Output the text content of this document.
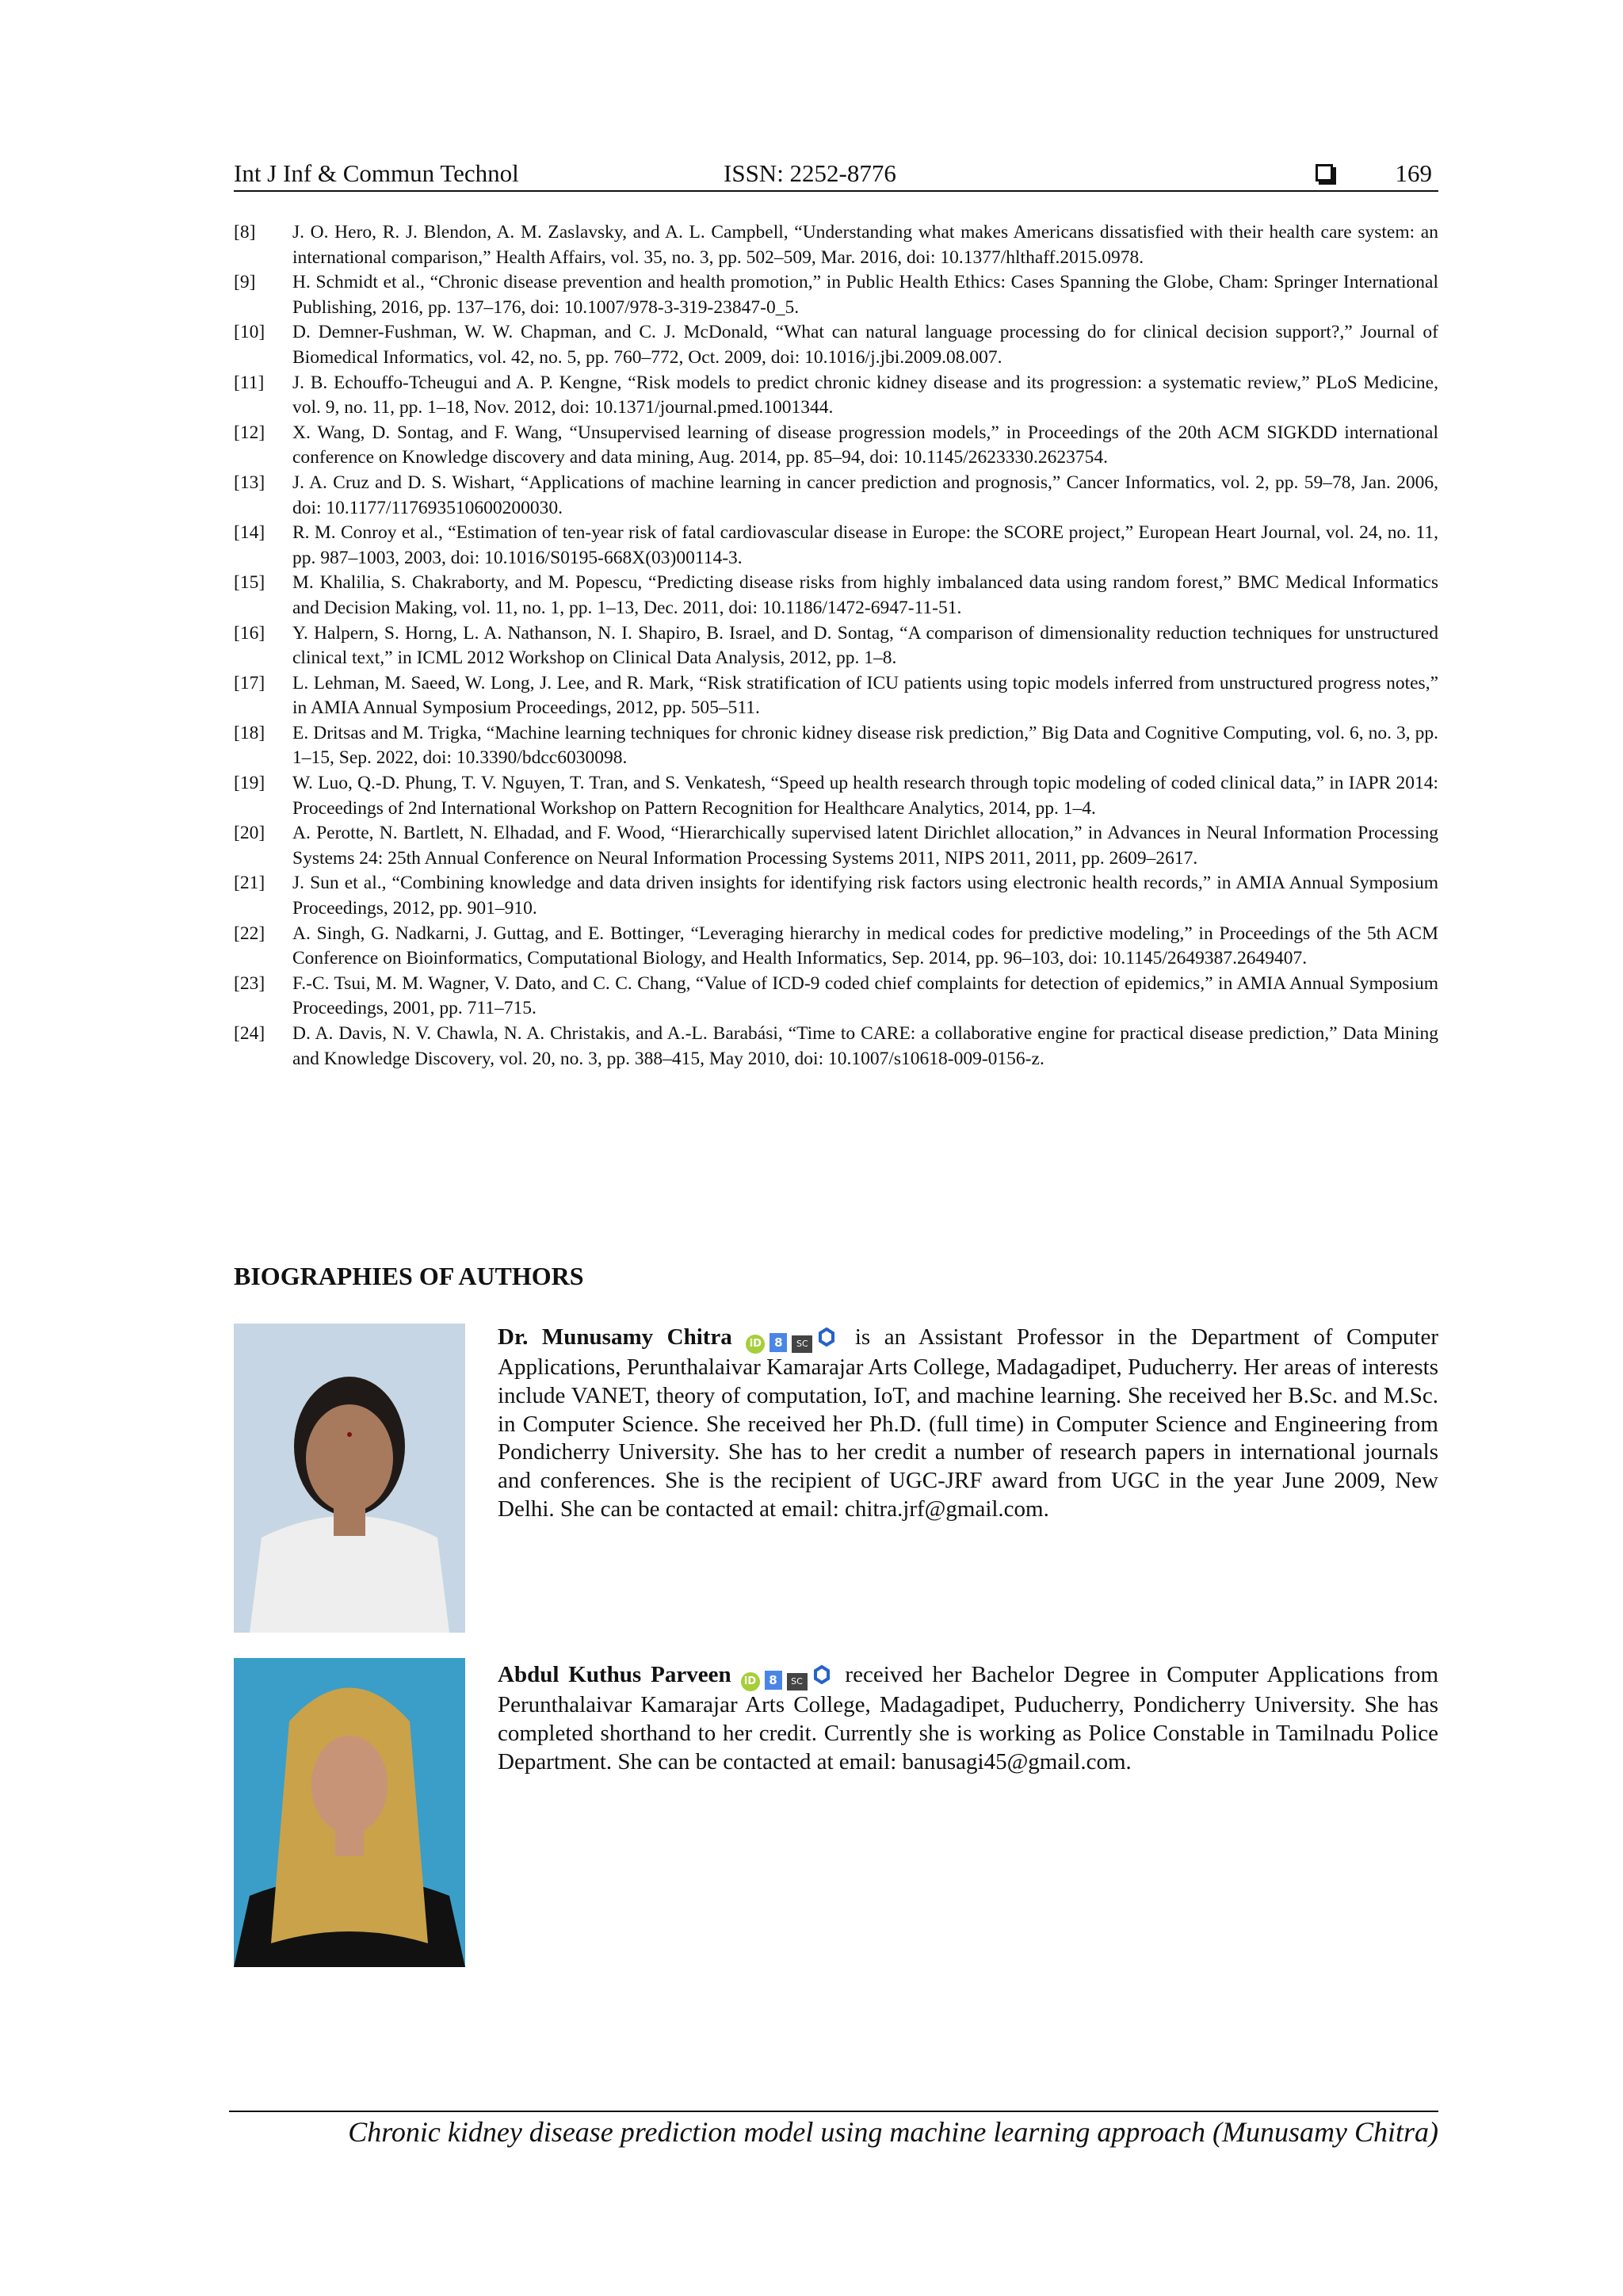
Int J Inf & Commun Technol	ISSN: 2252-8776	169
[8]	J. O. Hero, R. J. Blendon, A. M. Zaslavsky, and A. L. Campbell, “Understanding what makes Americans dissatisfied with their health care system: an international comparison,” Health Affairs, vol. 35, no. 3, pp. 502–509, Mar. 2016, doi: 10.1377/hlthaff.2015.0978.
[9]	H. Schmidt et al., “Chronic disease prevention and health promotion,” in Public Health Ethics: Cases Spanning the Globe, Cham: Springer International Publishing, 2016, pp. 137–176, doi: 10.1007/978-3-319-23847-0_5.
[10]	D. Demner-Fushman, W. W. Chapman, and C. J. McDonald, “What can natural language processing do for clinical decision support?,” Journal of Biomedical Informatics, vol. 42, no. 5, pp. 760–772, Oct. 2009, doi: 10.1016/j.jbi.2009.08.007.
[11]	J. B. Echouffo-Tcheugui and A. P. Kengne, “Risk models to predict chronic kidney disease and its progression: a systematic review,” PLoS Medicine, vol. 9, no. 11, pp. 1–18, Nov. 2012, doi: 10.1371/journal.pmed.1001344.
[12]	X. Wang, D. Sontag, and F. Wang, “Unsupervised learning of disease progression models,” in Proceedings of the 20th ACM SIGKDD international conference on Knowledge discovery and data mining, Aug. 2014, pp. 85–94, doi: 10.1145/2623330.2623754.
[13]	J. A. Cruz and D. S. Wishart, “Applications of machine learning in cancer prediction and prognosis,” Cancer Informatics, vol. 2, pp. 59–78, Jan. 2006, doi: 10.1177/117693510600200030.
[14]	R. M. Conroy et al., “Estimation of ten-year risk of fatal cardiovascular disease in Europe: the SCORE project,” European Heart Journal, vol. 24, no. 11, pp. 987–1003, 2003, doi: 10.1016/S0195-668X(03)00114-3.
[15]	M. Khalilia, S. Chakraborty, and M. Popescu, “Predicting disease risks from highly imbalanced data using random forest,” BMC Medical Informatics and Decision Making, vol. 11, no. 1, pp. 1–13, Dec. 2011, doi: 10.1186/1472-6947-11-51.
[16]	Y. Halpern, S. Horng, L. A. Nathanson, N. I. Shapiro, B. Israel, and D. Sontag, “A comparison of dimensionality reduction techniques for unstructured clinical text,” in ICML 2012 Workshop on Clinical Data Analysis, 2012, pp. 1–8.
[17]	L. Lehman, M. Saeed, W. Long, J. Lee, and R. Mark, “Risk stratification of ICU patients using topic models inferred from unstructured progress notes,” in AMIA Annual Symposium Proceedings, 2012, pp. 505–511.
[18]	E. Dritsas and M. Trigka, “Machine learning techniques for chronic kidney disease risk prediction,” Big Data and Cognitive Computing, vol. 6, no. 3, pp. 1–15, Sep. 2022, doi: 10.3390/bdcc6030098.
[19]	W. Luo, Q.-D. Phung, T. V. Nguyen, T. Tran, and S. Venkatesh, “Speed up health research through topic modeling of coded clinical data,” in IAPR 2014: Proceedings of 2nd International Workshop on Pattern Recognition for Healthcare Analytics, 2014, pp. 1–4.
[20]	A. Perotte, N. Bartlett, N. Elhadad, and F. Wood, “Hierarchically supervised latent Dirichlet allocation,” in Advances in Neural Information Processing Systems 24: 25th Annual Conference on Neural Information Processing Systems 2011, NIPS 2011, 2011, pp. 2609–2617.
[21]	J. Sun et al., “Combining knowledge and data driven insights for identifying risk factors using electronic health records,” in AMIA Annual Symposium Proceedings, 2012, pp. 901–910.
[22]	A. Singh, G. Nadkarni, J. Guttag, and E. Bottinger, “Leveraging hierarchy in medical codes for predictive modeling,” in Proceedings of the 5th ACM Conference on Bioinformatics, Computational Biology, and Health Informatics, Sep. 2014, pp. 96–103, doi: 10.1145/2649387.2649407.
[23]	F.-C. Tsui, M. M. Wagner, V. Dato, and C. C. Chang, “Value of ICD-9 coded chief complaints for detection of epidemics,” in AMIA Annual Symposium Proceedings, 2001, pp. 711–715.
[24]	D. A. Davis, N. V. Chawla, N. A. Christakis, and A.-L. Barabási, “Time to CARE: a collaborative engine for practical disease prediction,” Data Mining and Knowledge Discovery, vol. 20, no. 3, pp. 388–415, May 2010, doi: 10.1007/s10618-009-0156-z.
BIOGRAPHIES OF AUTHORS
Dr. Munusamy Chitra iD 8 SC is an Assistant Professor in the Department of Computer Applications, Perunthalaivar Kamarajar Arts College, Madagadipet, Puducherry. Her areas of interests include VANET, theory of computation, IoT, and machine learning. She received her B.Sc. and M.Sc. in Computer Science. She received her Ph.D. (full time) in Computer Science and Engineering from Pondicherry University. She has to her credit a number of research papers in international journals and conferences. She is the recipient of UGC-JRF award from UGC in the year June 2009, New Delhi. She can be contacted at email: chitra.jrf@gmail.com.
Abdul Kuthus Parveen iD 8 SC received her Bachelor Degree in Computer Applications from Perunthalaivar Kamarajar Arts College, Madagadipet, Puducherry, Pondicherry University. She has completed shorthand to her credit. Currently she is working as Police Constable in Tamilnadu Police Department. She can be contacted at email: banusagi45@gmail.com.
Chronic kidney disease prediction model using machine learning approach (Munusamy Chitra)
